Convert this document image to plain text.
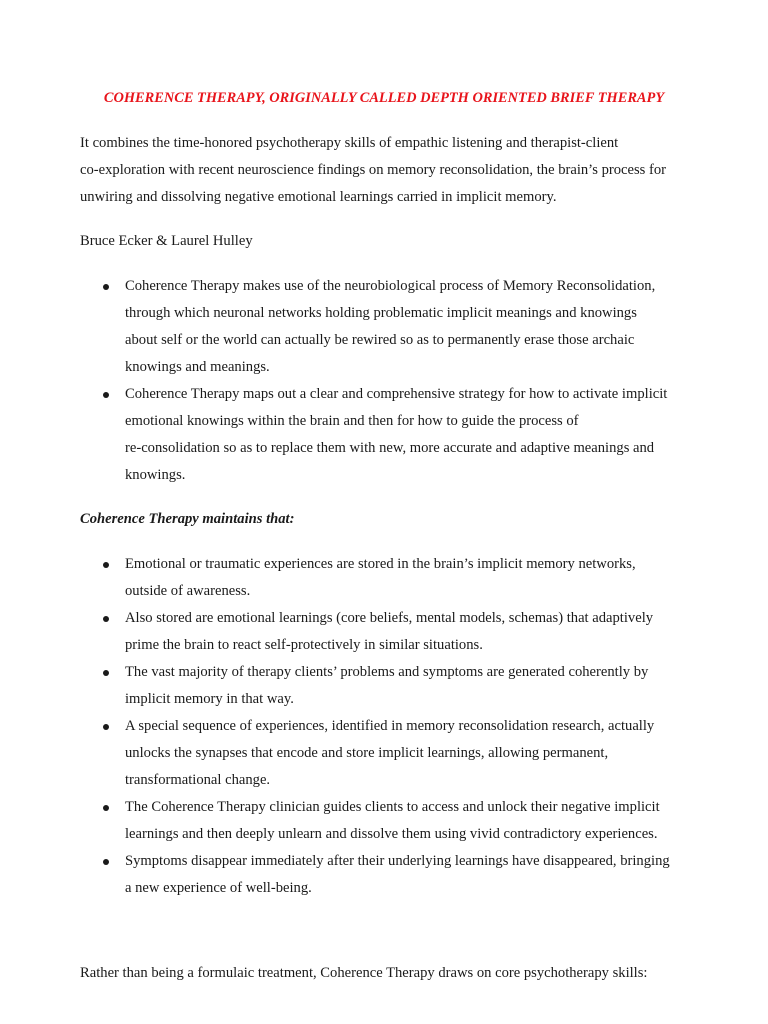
COHERENCE THERAPY, ORIGINALLY CALLED DEPTH ORIENTED BRIEF THERAPY

It combines the time-honored psychotherapy skills of empathic listening and therapist-client
co-exploration with recent neuroscience findings on memory reconsolidation, the brain’s process for
unwiring and dissolving negative emotional learnings carried in implicit memory.

Bruce Ecker & Laurel Hulley

Coherence Therapy makes use of the neurobiological process of Memory Reconsolidation,
through which neuronal networks holding problematic implicit meanings and knowings
about self or the world can actually be rewired so as to permanently erase those archaic
knowings and meanings.
Coherence Therapy maps out a clear and comprehensive strategy for how to activate implicit
emotional knowings within the brain and then for how to guide the process of
re-consolidation so as to replace them with new, more accurate and adaptive meanings and
knowings.

Coherence Therapy maintains that:

Emotional or traumatic experiences are stored in the brain’s implicit memory networks,
outside of awareness.
Also stored are emotional learnings (core beliefs, mental models, schemas) that adaptively
prime the brain to react self-protectively in similar situations.
The vast majority of therapy clients’ problems and symptoms are generated coherently by
implicit memory in that way.
A special sequence of experiences, identified in memory reconsolidation research, actually
unlocks the synapses that encode and store implicit learnings, allowing permanent,
transformational change.
The Coherence Therapy clinician guides clients to access and unlock their negative implicit
learnings and then deeply unlearn and dissolve them using vivid contradictory experiences.
Symptoms disappear immediately after their underlying learnings have disappeared, bringing
a new experience of well-being.

Rather than being a formulaic treatment, Coherence Therapy draws on core psychotherapy skills:
